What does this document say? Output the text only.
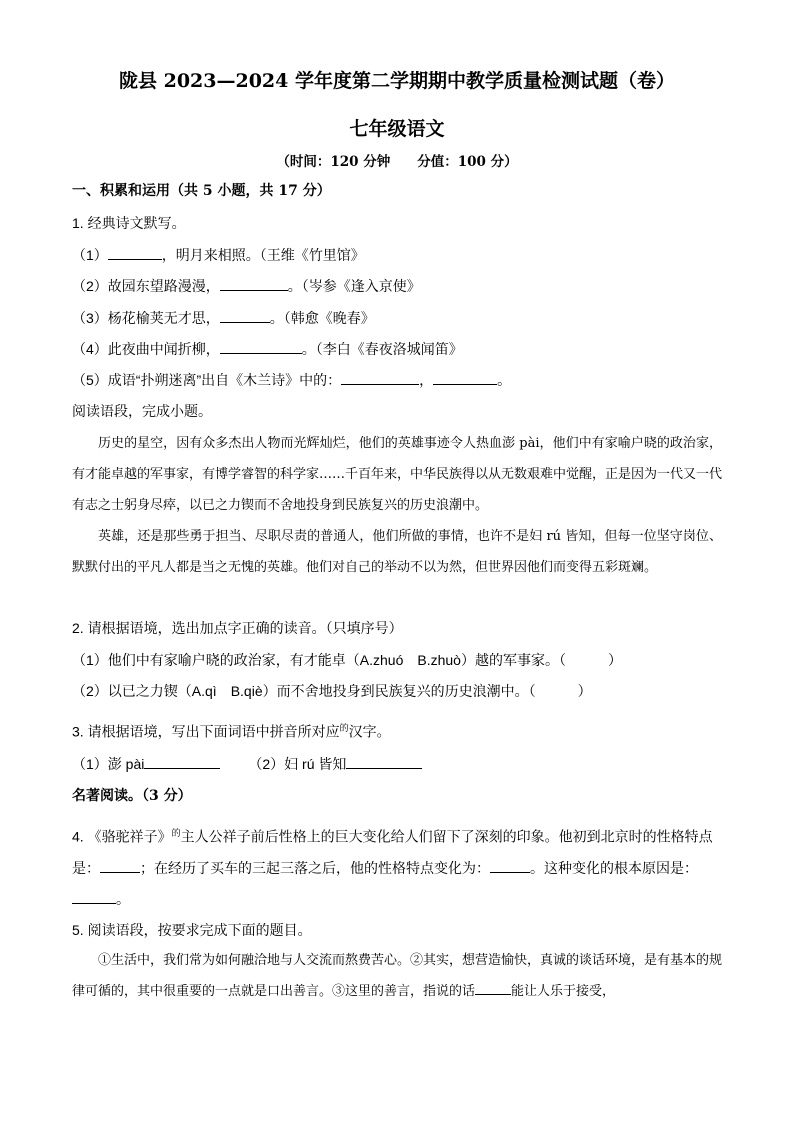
陇县 2023—2024 学年度第二学期期中教学质量检测试题（卷）
七年级语文
（时间：120 分钟　　分值：100 分）
一、积累和运用（共 5 小题，共 17 分）
1. 经典诗文默写。
（1）	，明月来相照。（王维《竹里馆》
（2）故园东望路漫漫，	。（岑参《逢入京使》
（3）杨花榆荚无才思，	。（韩愈《晚春》
（4）此夜曲中闻折柳，	。（李白《春夜洛城闻笛》
（5）成语“扑朔迷离”出自《木兰诗》中的：	，	。
阅读语段，完成小题。
历史的星空，因有众多杰出人物而光辉灿烂，他们的英雄事迹令人热血澎 pài，他们中有家喻户晓的政治家，有才能卓越的军事家，有博学睿智的科学家……千百年来，中华民族得以从无数艰难中觉醒，正是因为一代又一代有志之士躬身尽瘁，以已之力锲而不舍地投身到民族复兴的历史浪潮中。
英雄，还是那些勇于担当、尽职尽责的普通人，他们所做的事情，也许不是妇 rú 皆知，但每一位坚守岗位、默默付出的平凡人都是当之无愧的英雄。他们对自己的举动不以为然，但世界因他们而变得五彩斑斓。
2. 请根据语境，选出加点字正确的读音。（只填序号）
（1）他们中有家喻户晓的政治家，有才能卓（A.zhuó　B.zhuò）越的军事家。（　　　）
（2）以已之力锲（A.qì　B.qiè）而不舍地投身到民族复兴的历史浪潮中。（　　　）
3. 请根据语境，写出下面词语中拼音所对应$^的$汉字。
（1）澎 pài	（2）妇 rú 皆知
名著阅读。（3 分）
4. 《骆驼祥子》$^的$主人公祥子前后性格上的巨大变化给人们留下了深刻的印象。他初到北京时的性格特点
是：	；在经历了买车的三起三落之后，他的性格特点变化为：	。这种变化的根本原因是：
。
5. 阅读语段，按要求完成下面的题目。
①生活中，我们常为如何融洽地与人交流而熬费苦心。②其实，想营造愉快，真诚的谈话环境，是有基本的规律可循的，其中很重要的一点就是口出善言。③这里的善言，指说的话	能让人乐于接受，
